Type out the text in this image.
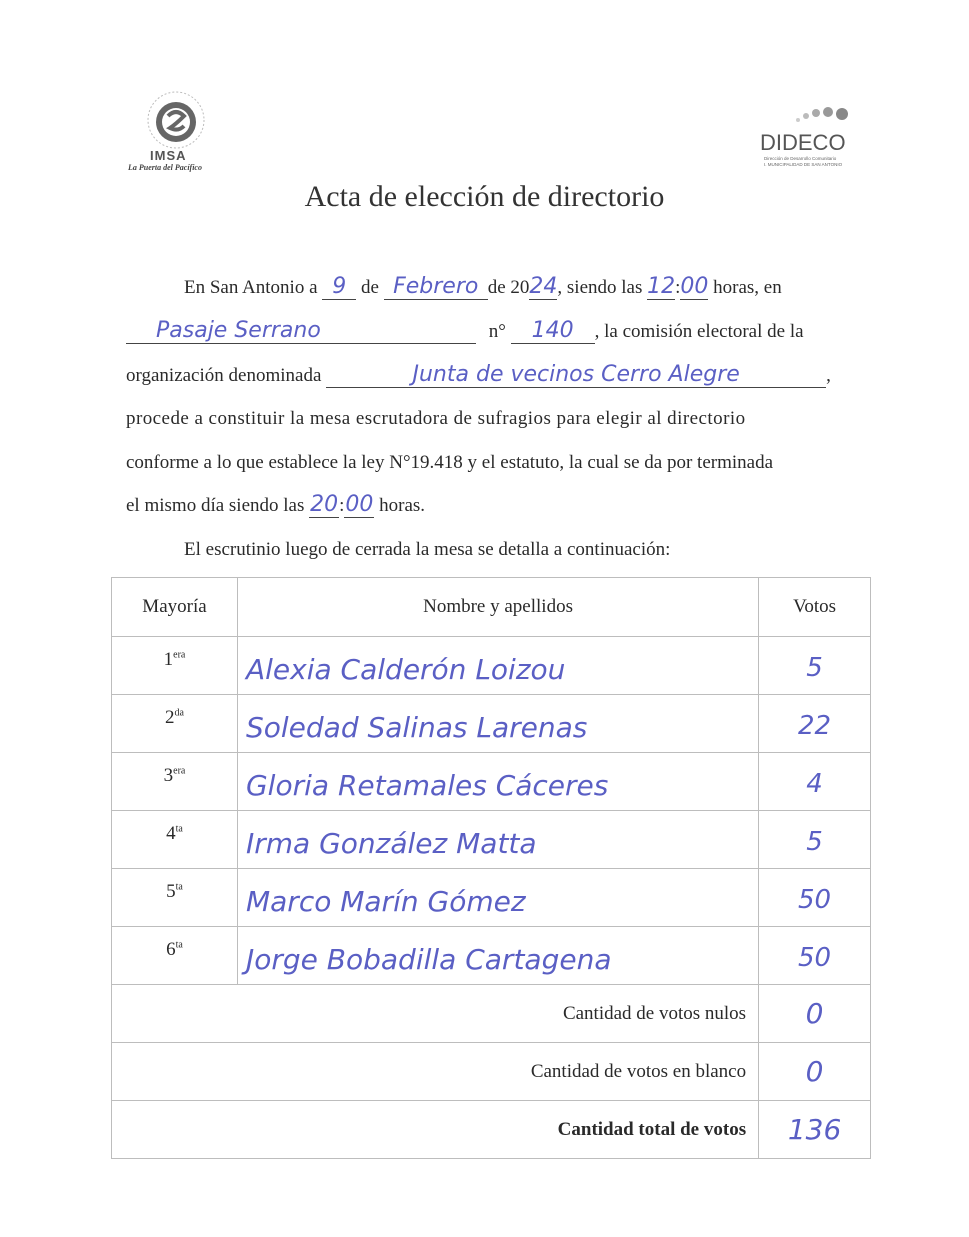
IMSA
La Puerta del Pacífico
DIDECO
Dirección de Desarrollo Comunitario
I. MUNICIPALIDAD DE SAN ANTONIO
Acta de elección de directorio
En San Antonio a 9 de Febrero de 2024, siendo las 12:00 horas, en
Pasaje Serrano	n° 140 , la comisión electoral de la
organización denominada	Junta de vecinos Cerro Alegre	,
procede a constituir la mesa escrutadora de sufragios para elegir al directorio
conforme a lo que establece la ley N°19.418 y el estatuto, la cual se da por terminada
el mismo día siendo las 20:00 horas.
El escrutinio luego de cerrada la mesa se detalla a continuación:
Mayoría	Nombre y apellidos	Votos
$1^{era}$	Alexia Calderón Loizou	5

$2^{da}$	Soledad Salinas Larenas	22

$3^{era}$	Gloria Retamales Cáceres	4

$4^{ta}$	Irma González Matta	5

$5^{ta}$	Marco Marín Gómez	50

$6^{ta}$	Jorge Bobadilla Cartagena	50

Cantidad de votos nulos		0
Cantidad de votos en blanco		0
Cantidad total de votos		136
